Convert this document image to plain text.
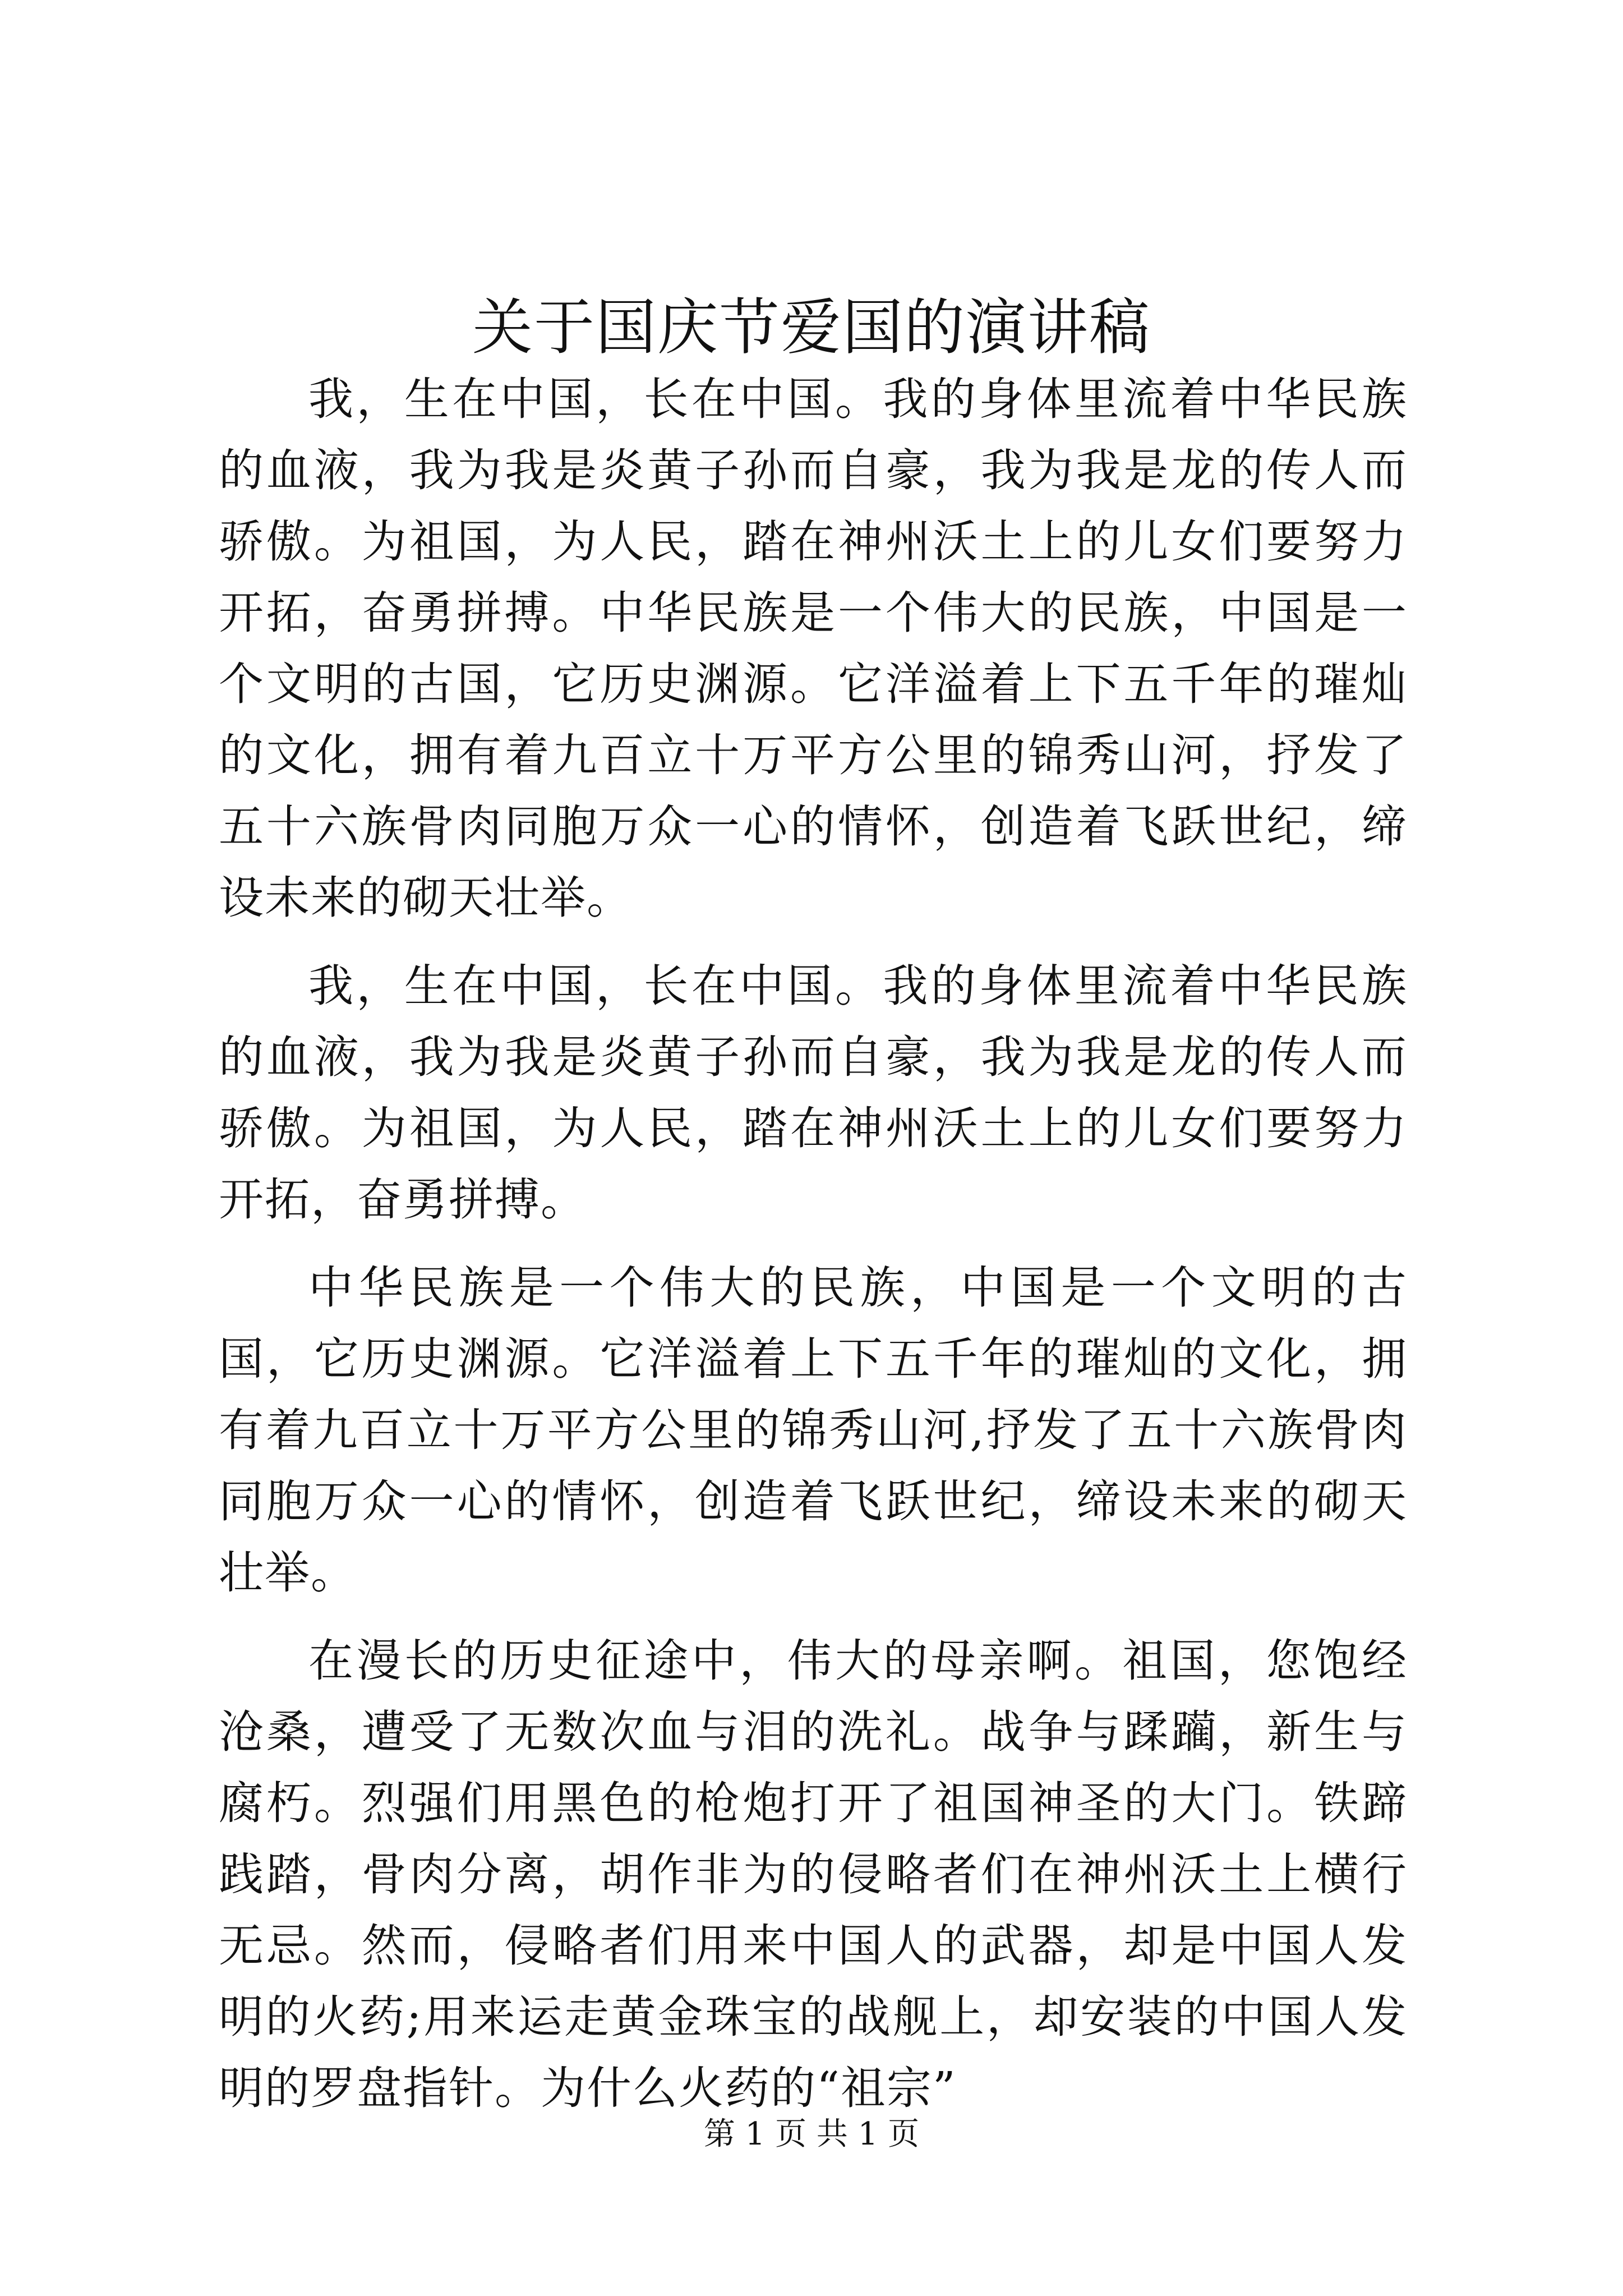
关于国庆节爱国的演讲稿

我，生在中国，长在中国。我的身体里流着中华民族的血液，我为我是炎黄子孙而自豪，我为我是龙的传人而骄傲。为祖国，为人民，踏在神州沃土上的儿女们要努力开拓，奋勇拼搏。中华民族是一个伟大的民族，中国是一个文明的古国，它历史渊源。它洋溢着上下五千年的璀灿的文化，拥有着九百立十万平方公里的锦秀山河，抒发了五十六族骨肉同胞万众一心的情怀，创造着飞跃世纪，缔设未来的砌天壮举。

我，生在中国，长在中国。我的身体里流着中华民族的血液，我为我是炎黄子孙而自豪，我为我是龙的传人而骄傲。为祖国，为人民，踏在神州沃土上的儿女们要努力开拓，奋勇拼搏。

中华民族是一个伟大的民族，中国是一个文明的古国，它历史渊源。它洋溢着上下五千年的璀灿的文化，拥有着九百立十万平方公里的锦秀山河,抒发了五十六族骨肉同胞万众一心的情怀，创造着飞跃世纪，缔设未来的砌天壮举。

在漫长的历史征途中，伟大的母亲啊。祖国，您饱经沧桑，遭受了无数次血与泪的洗礼。战争与蹂躏，新生与腐朽。烈强们用黑色的枪炮打开了祖国神圣的大门。铁蹄践踏，骨肉分离，胡作非为的侵略者们在神州沃土上横行无忌。然而，侵略者们用来中国人的武器，却是中国人发明的火药;用来运走黄金珠宝的战舰上，却安装的中国人发明的罗盘指针。为什么火药的“祖宗”

第 1 页 共 1 页
